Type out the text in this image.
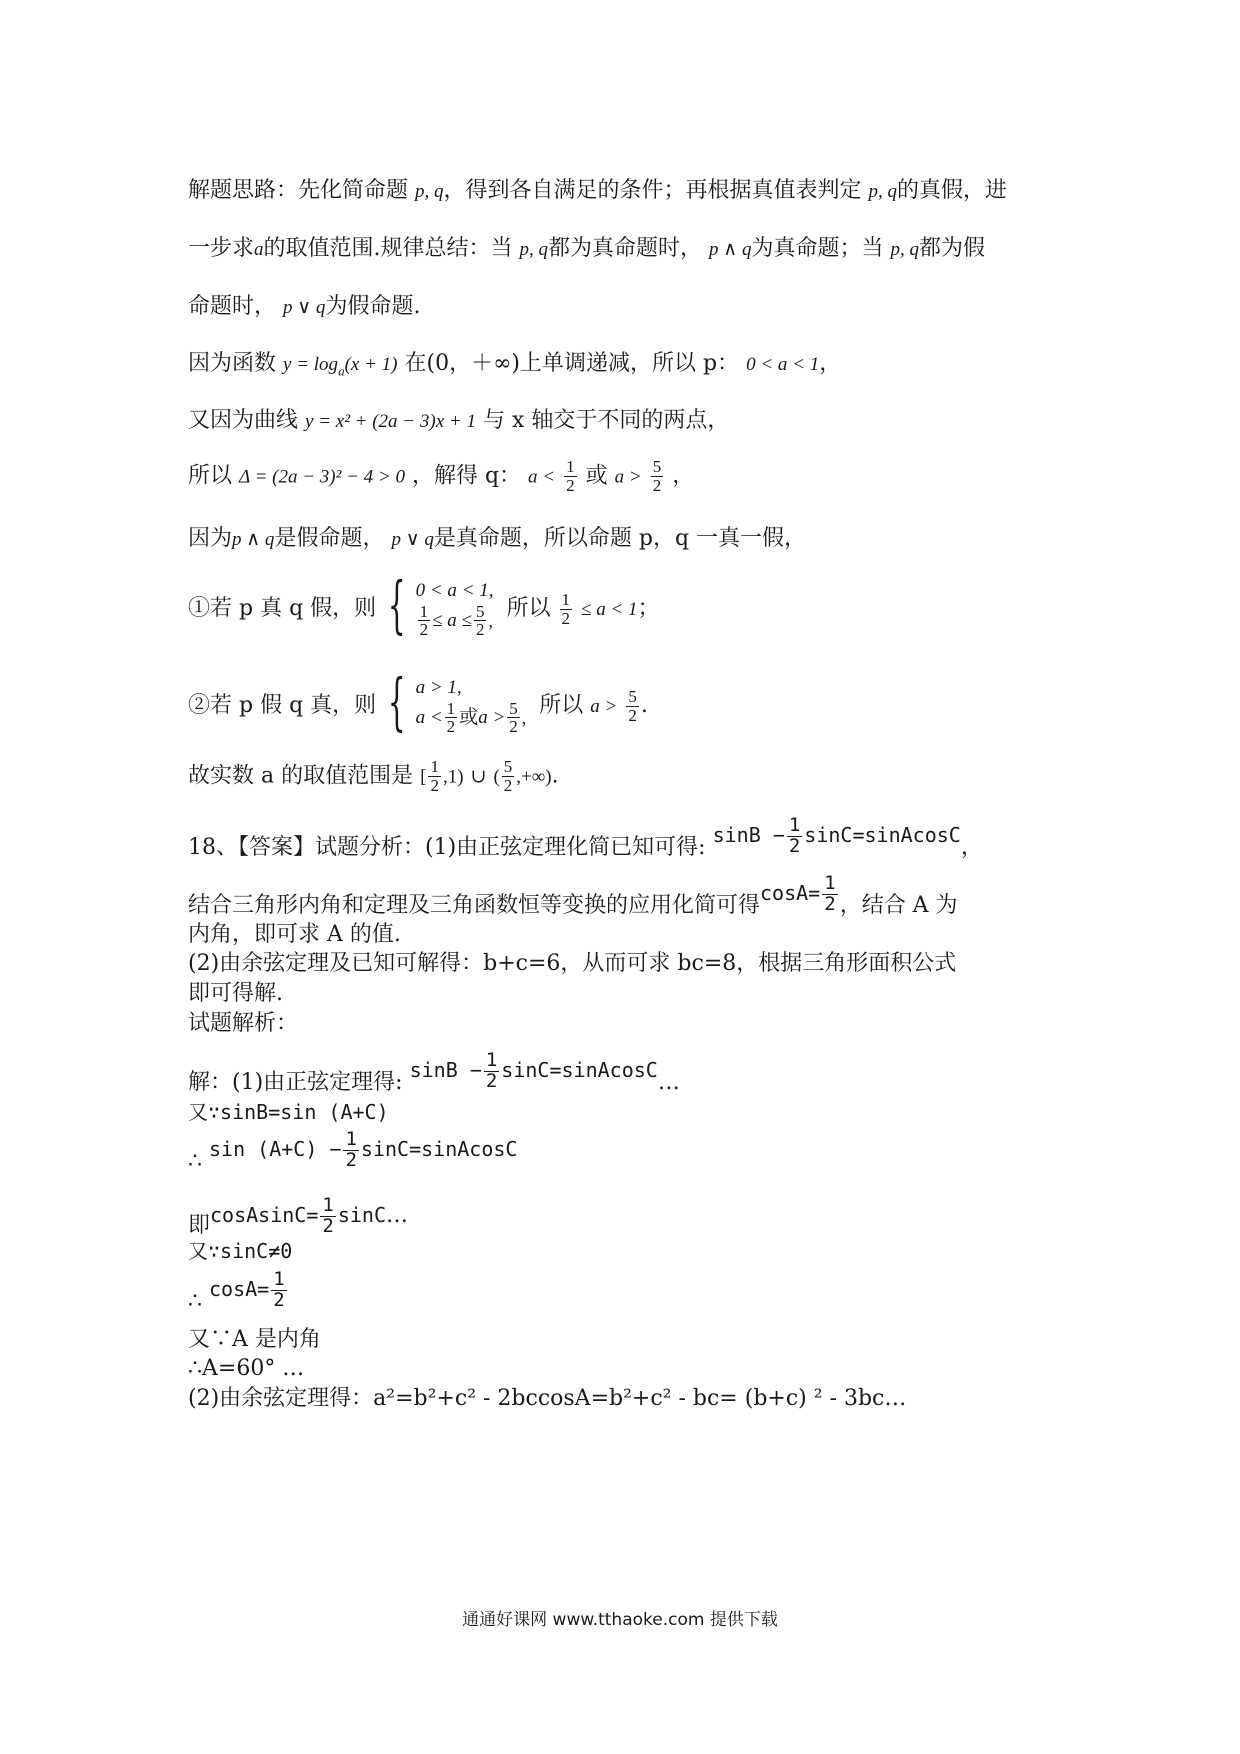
解题思路：先化简命题 p, q，得到各自满足的条件；再根据真值表判定 p, q的真假，进
一步求a的取值范围.规律总结：当 p, q都为真命题时， p ∧ q为真命题；当 p, q都为假
命题时， p ∨ q为假命题.
因为函数 $y = \log_a(x + 1)$ 在(0，＋∞)上单调递减，所以 p： 0 < a < 1，
又因为曲线 y = x² + (2a − 3)x + 1 与 x 轴交于不同的两点，
所以 Δ = (2a − 3)² − 4 > 0 ，解得 q： $a < \frac{1}{2}$ 或 $a > \frac{5}{2}$ ，
因为p ∧ q是假命题， p ∨ q是真命题，所以命题 p，q 一真一假，
①若 p 真 q 假，则 { 0 < a < 1,
$\frac{1}{2} \le a \le \frac{5}{2}$ , 所以 $\frac{1}{2} \le a < 1$；
②若 p 假 q 真，则 { a > 1,
$a < \frac{1}{2}$ 或 $a > \frac{5}{2}$ , 所以 $a > \frac{5}{2}$ .
故实数 a 的取值范围是 [ $\frac{1}{2} ,1$) ∪ ( $\frac{5}{2}$ ,+∞).
18、【答案】试题分析：(1)由正弦定理化简已知可得: $\sin B - \frac{1}{2}$ sinC=sinAcosC，
结合三角形内角和定理及三角函数恒等变换的应用化简可得$\cos A= \frac{1}{2}$ ，结合 A 为
内角，即可求 A 的值.
(2)由余弦定理及已知可解得：b+c=6，从而可求 bc=8，根据三角形面积公式
即可得解.
试题解析：
解：(1)由正弦定理得: $\sin B - \frac{1}{2}$ sinC=sinAcosC…
又∵sinB=sin (A+C)
∴ $\sin (A+C) - \frac{1}{2}$ sinC=sinAcosC
即cosAsinC= $\frac{1}{2}$ sinC…
又∵sinC≠0
∴ $\cos A= \frac{1}{2}$
又∵A 是内角
∴A=60° …
(2)由余弦定理得：a²=b²+c² - 2bccosA=b²+c² - bc= (b+c) ² - 3bc…
通通好课网 www.tthaoke.com 提供下载
